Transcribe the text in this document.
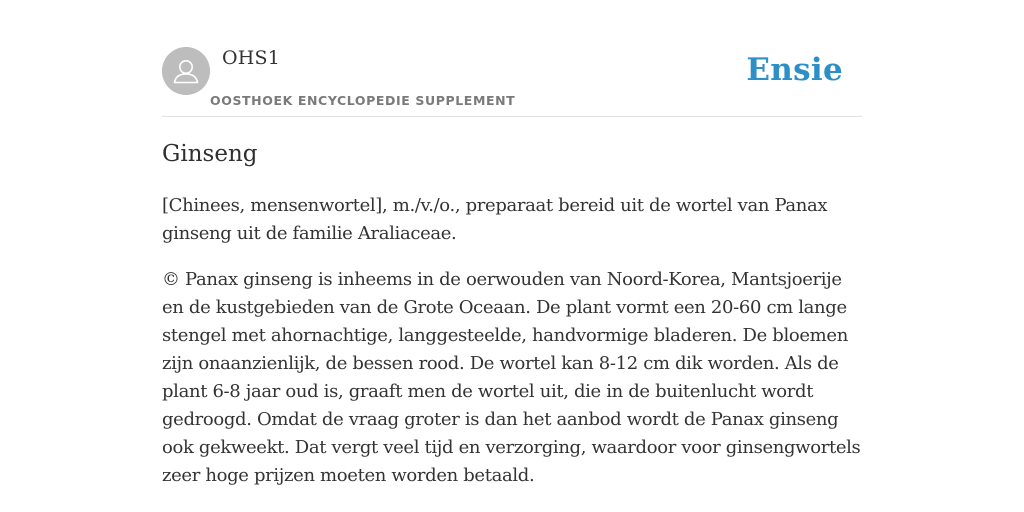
OHS1
OOSTHOEK ENCYCLOPEDIE SUPPLEMENT
Ensie
Ginseng

[Chinees, mensenwortel], m./v./o., preparaat bereid uit de wortel van Panax ginseng uit de familie Araliaceae.

© Panax ginseng is inheems in de oerwouden van Noord-Korea, Mantsjoerije en de kustgebieden van de Grote Oceaan. De plant vormt een 20-60 cm lange stengel met ahornachtige, langgesteelde, handvormige bladeren. De bloemen zijn onaanzienlijk, de bessen rood. De wortel kan 8-12 cm dik worden. Als de plant 6-8 jaar oud is, graaft men de wortel uit, die in de buitenlucht wordt gedroogd. Omdat de vraag groter is dan het aanbod wordt de Panax ginseng ook gekweekt. Dat vergt veel tijd en verzorging, waardoor voor ginsengwortels zeer hoge prijzen moeten worden betaald.
